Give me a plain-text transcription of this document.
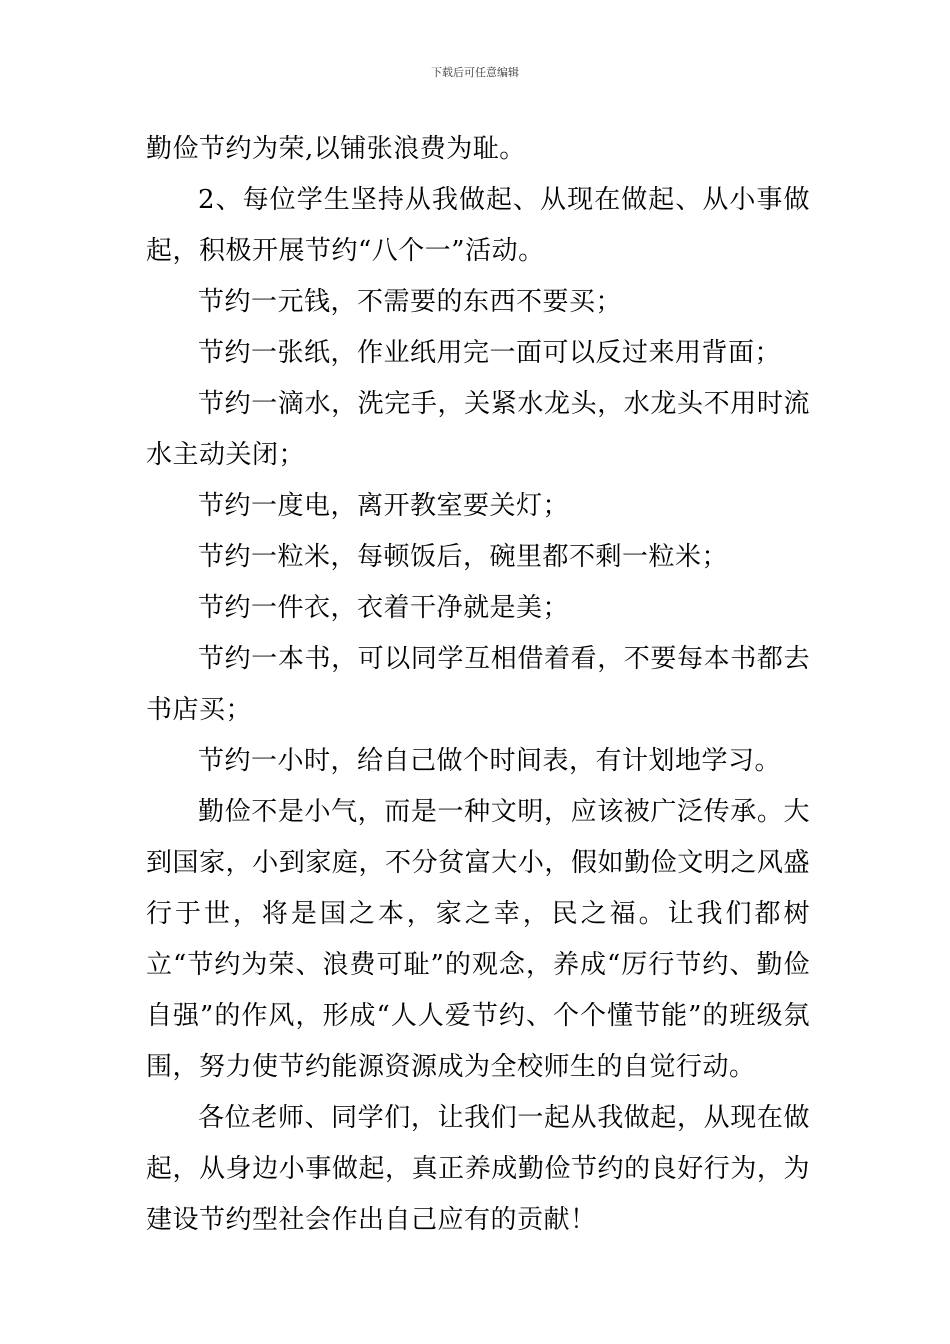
下载后可任意编辑

勤俭节约为荣,以铺张浪费为耻。

2、每位学生坚持从我做起、从现在做起、从小事做起，积极开展节约“八个一”活动。

节约一元钱，不需要的东西不要买；

节约一张纸，作业纸用完一面可以反过来用背面；

节约一滴水，洗完手，关紧水龙头，水龙头不用时流水主动关闭；

节约一度电，离开教室要关灯；

节约一粒米，每顿饭后，碗里都不剩一粒米；

节约一件衣，衣着干净就是美；

节约一本书，可以同学互相借着看，不要每本书都去书店买；

节约一小时，给自己做个时间表，有计划地学习。

勤俭不是小气，而是一种文明，应该被广泛传承。大到国家，小到家庭，不分贫富大小，假如勤俭文明之风盛行于世，将是国之本，家之幸，民之福。让我们都树立“节约为荣、浪费可耻”的观念，养成“厉行节约、勤俭自强”的作风，形成“人人爱节约、个个懂节能”的班级氛围，努力使节约能源资源成为全校师生的自觉行动。

各位老师、同学们，让我们一起从我做起，从现在做起，从身边小事做起，真正养成勤俭节约的良好行为，为建设节约型社会作出自己应有的贡献！
